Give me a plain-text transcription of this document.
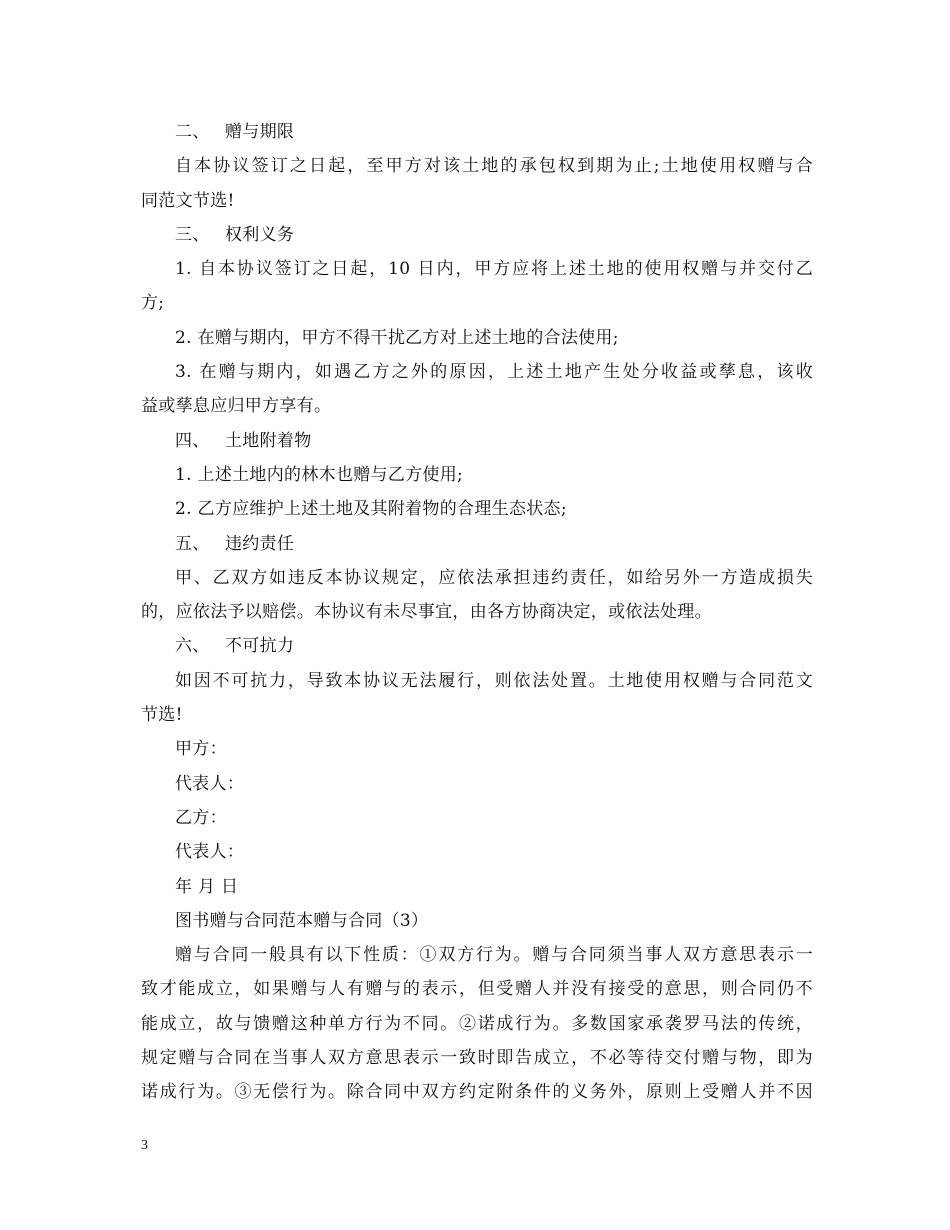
二、 赠与期限
自本协议签订之日起，至甲方对该土地的承包权到期为止;土地使用权赠与合
同范文节选!
三、 权利义务
1. 自本协议签订之日起，10 日内，甲方应将上述土地的使用权赠与并交付乙
方;
2. 在赠与期内，甲方不得干扰乙方对上述土地的合法使用;
3. 在赠与期内，如遇乙方之外的原因，上述土地产生处分收益或孳息，该收
益或孳息应归甲方享有。
四、 土地附着物
1. 上述土地内的林木也赠与乙方使用;
2. 乙方应维护上述土地及其附着物的合理生态状态;
五、 违约责任
甲、乙双方如违反本协议规定，应依法承担违约责任，如给另外一方造成损失
的，应依法予以赔偿。本协议有未尽事宜，由各方协商决定，或依法处理。
六、 不可抗力
如因不可抗力，导致本协议无法履行，则依法处置。土地使用权赠与合同范文
节选!
甲方：
代表人：
乙方：
代表人：
年 月 日
图书赠与合同范本赠与合同（3）
赠与合同一般具有以下性质：①双方行为。赠与合同须当事人双方意思表示一
致才能成立，如果赠与人有赠与的表示，但受赠人并没有接受的意思，则合同仍不
能成立，故与馈赠这种单方行为不同。②诺成行为。多数国家承袭罗马法的传统，
规定赠与合同在当事人双方意思表示一致时即告成立，不必等待交付赠与物，即为
诺成行为。③无偿行为。除合同中双方约定附条件的义务外，原则上受赠人并不因
3
